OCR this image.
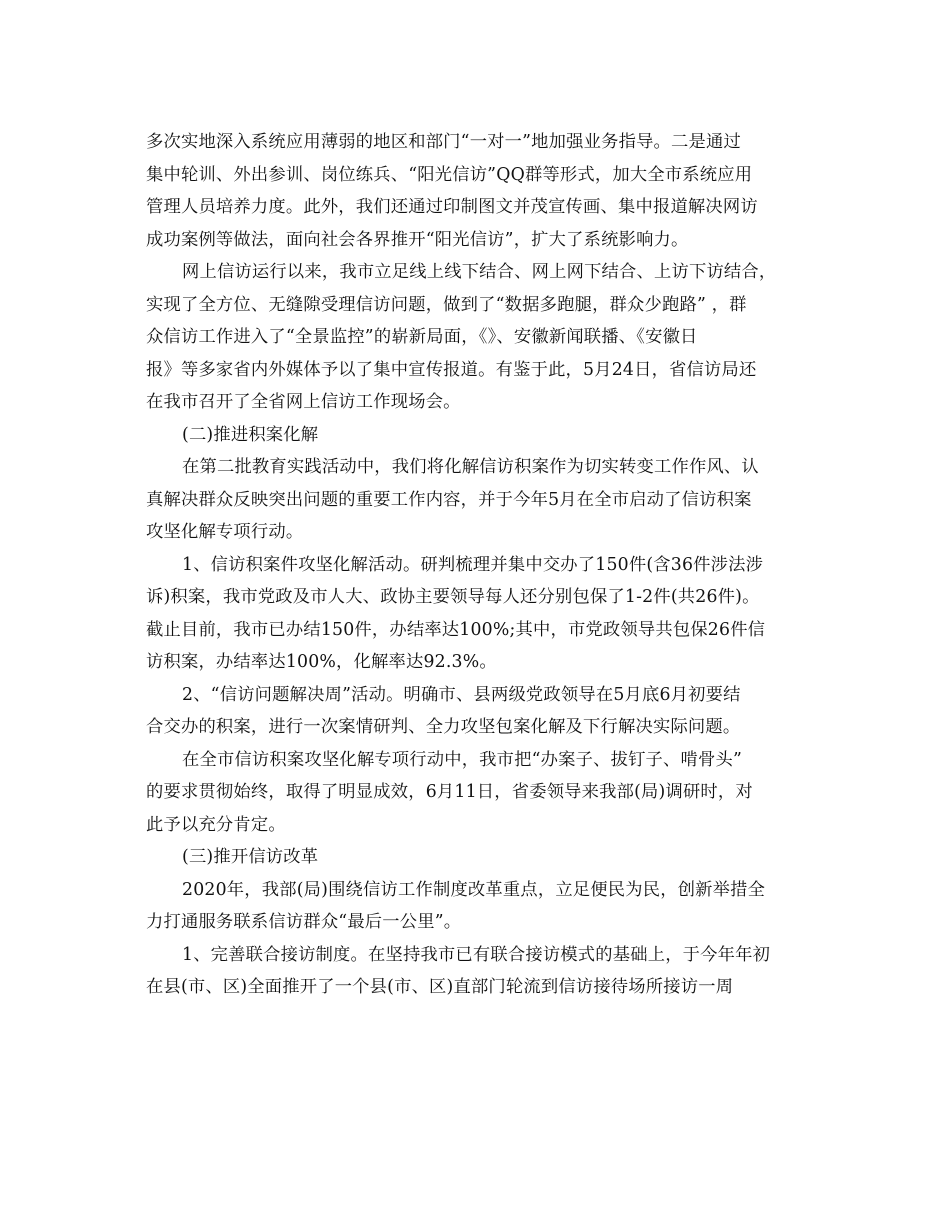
多次实地深入系统应用薄弱的地区和部门“一对一”地加强业务指导。二是通过
集中轮训、外出参训、岗位练兵、“阳光信访”QQ群等形式，加大全市系统应用
管理人员培养力度。此外，我们还通过印制图文并茂宣传画、集中报道解决网访
成功案例等做法，面向社会各界推开“阳光信访”，扩大了系统影响力。
网上信访运行以来，我市立足线上线下结合、网上网下结合、上访下访结合，
实现了全方位、无缝隙受理信访问题，做到了“数据多跑腿，群众少跑路” ，群
众信访工作进入了“全景监控”的崭新局面，《》、安徽新闻联播、《安徽日
报》等多家省内外媒体予以了集中宣传报道。有鉴于此，5月24日，省信访局还
在我市召开了全省网上信访工作现场会。
(二)推进积案化解
在第二批教育实践活动中，我们将化解信访积案作为切实转变工作作风、认
真解决群众反映突出问题的重要工作内容，并于今年5月在全市启动了信访积案
攻坚化解专项行动。
1、信访积案件攻坚化解活动。研判梳理并集中交办了150件(含36件涉法涉
诉)积案，我市党政及市人大、政协主要领导每人还分别包保了1-2件(共26件)。
截止目前，我市已办结150件，办结率达100%;其中，市党政领导共包保26件信
访积案，办结率达100%，化解率达92.3%。
2、“信访问题解决周”活动。明确市、县两级党政领导在5月底6月初要结
合交办的积案，进行一次案情研判、全力攻坚包案化解及下行解决实际问题。
在全市信访积案攻坚化解专项行动中，我市把“办案子、拔钉子、啃骨头”
的要求贯彻始终，取得了明显成效，6月11日，省委领导来我部(局)调研时，对
此予以充分肯定。
(三)推开信访改革
2020年，我部(局)围绕信访工作制度改革重点，立足便民为民，创新举措全
力打通服务联系信访群众“最后一公里”。
1、完善联合接访制度。在坚持我市已有联合接访模式的基础上，于今年年初
在县(市、区)全面推开了一个县(市、区)直部门轮流到信访接待场所接访一周
